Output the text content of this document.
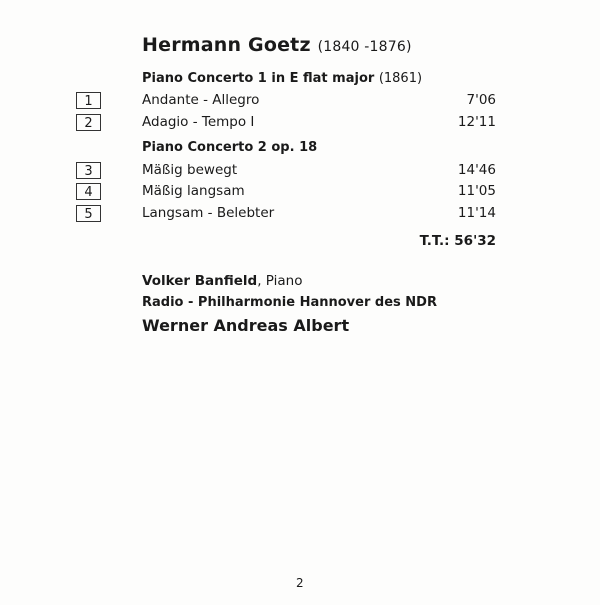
Hermann Goetz (1840 -1876)
Piano Concerto 1 in E flat major (1861)
1	Andante - Allegro	7'06
2	Adagio - Tempo I	12'11
Piano Concerto 2 op. 18
3	Mäßig bewegt	14'46
4	Mäßig langsam	11'05
5	Langsam - Belebter	11'14
T.T.: 56'32
Volker Banfield, Piano
Radio - Philharmonie Hannover des NDR
Werner Andreas Albert
2
